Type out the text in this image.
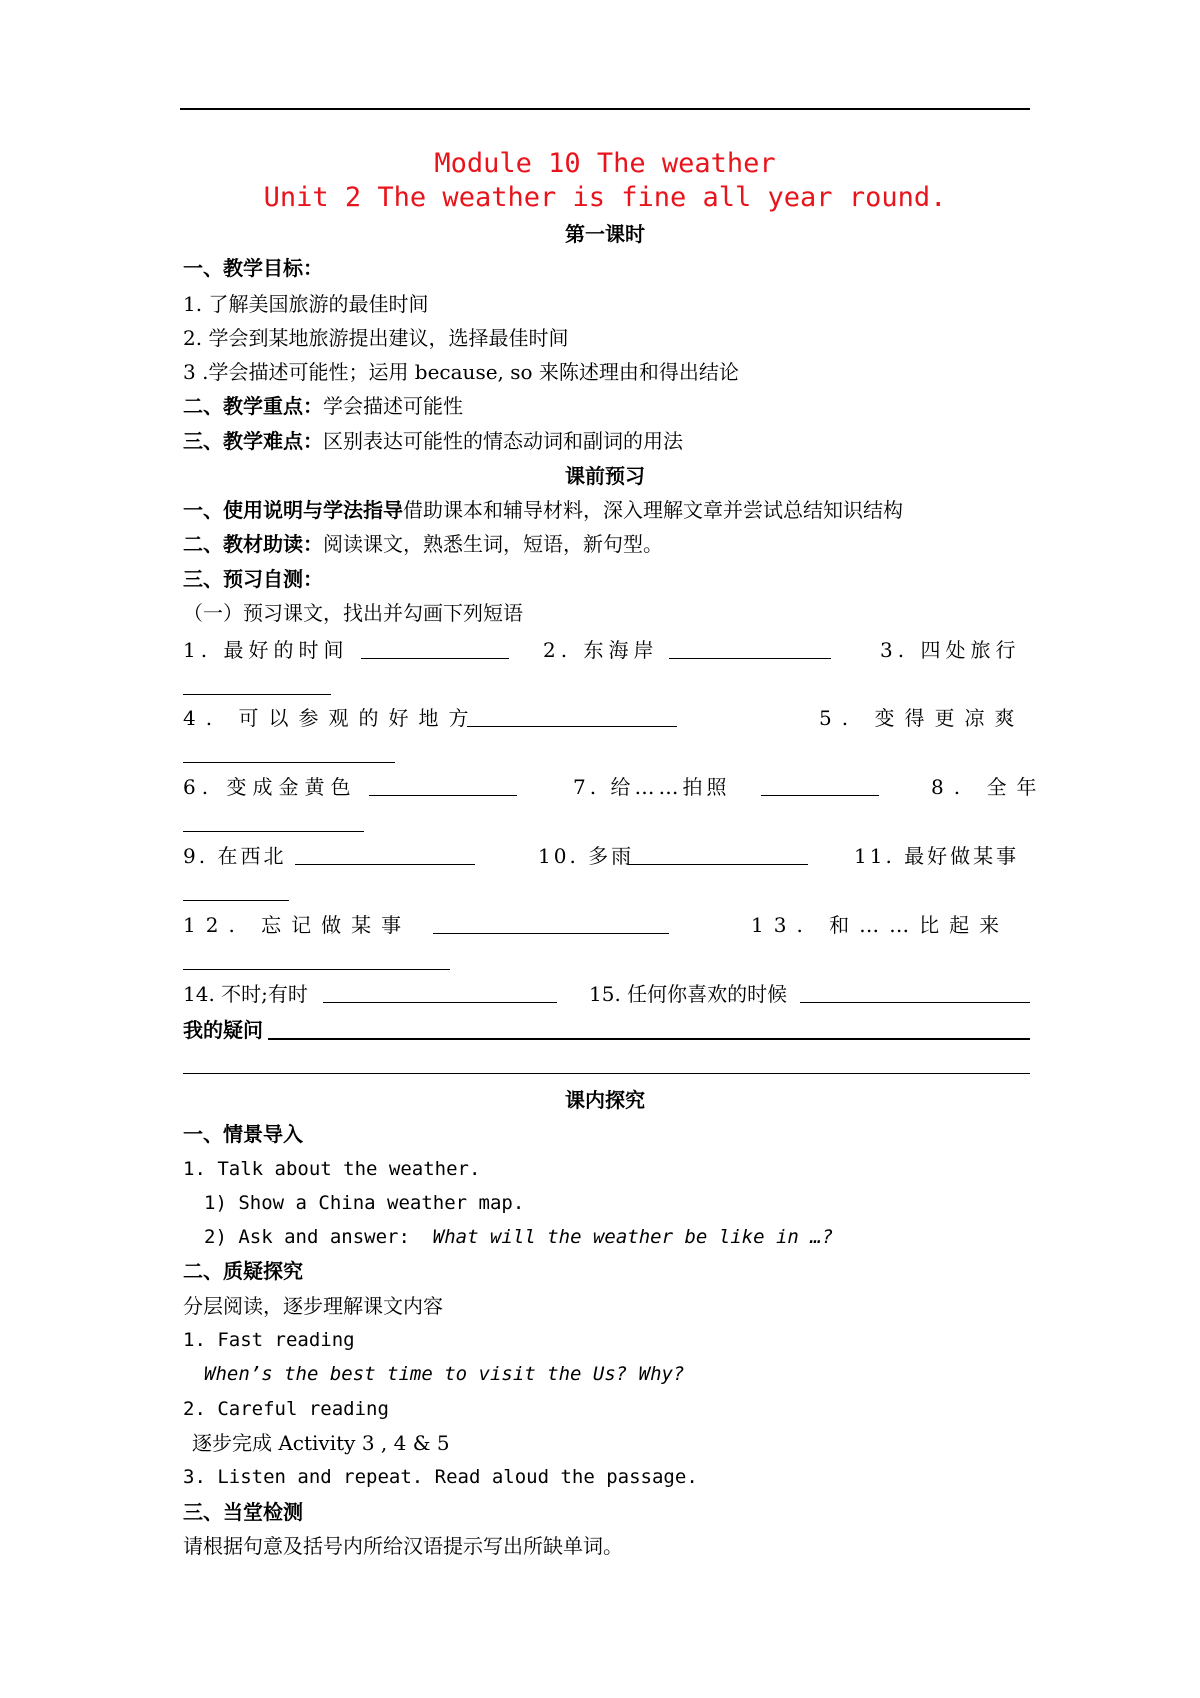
Module 10 The weather
Unit 2 The weather is fine all year round.
第一课时
一、教学目标：
1. 了解美国旅游的最佳时间
2. 学会到某地旅游提出建议，选择最佳时间
3 .学会描述可能性；运用 because, so 来陈述理由和得出结论
二、教学重点：学会描述可能性
三、教学难点：区别表达可能性的情态动词和副词的用法
课前预习
一、使用说明与学法指导借助课本和辅导材料，深入理解文章并尝试总结知识结构
二、教材助读：阅读课文，熟悉生词，短语，新句型。
三、预习自测：
（一）预习课文，找出并勾画下列短语
1. 最好的时间	2. 东海岸	3. 四处旅行
4. 可以参观的好地方	5. 变得更凉爽
6. 变成金黄色	7. 给……拍照	8. 全年
9. 在西北	10. 多雨	11. 最好做某事
12. 忘记做某事	13. 和……比起来
14. 不时;有时	15. 任何你喜欢的时候
我的疑问
课内探究
一、情景导入
1. Talk about the weather.
1) Show a China weather map.
2) Ask and answer: What will the weather be like in …?
二、质疑探究
分层阅读，逐步理解课文内容
1. Fast reading
When’s the best time to visit the Us? Why?
2. Careful reading
逐步完成 Activity 3 , 4 & 5
3. Listen and repeat. Read aloud the passage.
三、当堂检测
请根据句意及括号内所给汉语提示写出所缺单词。
